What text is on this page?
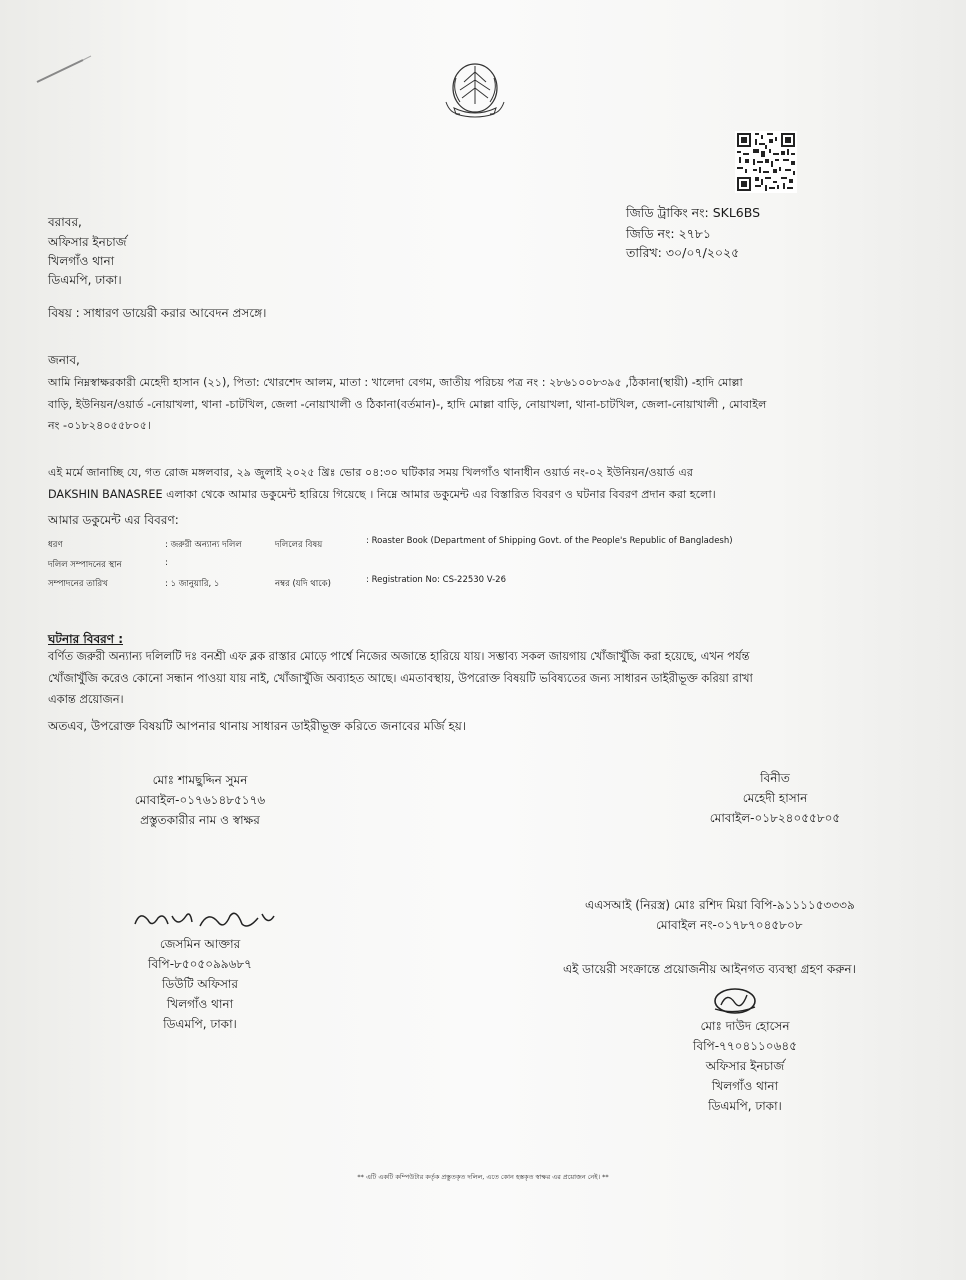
জিডি ট্রাকিং নং: SKL6BS
জিডি নং: ২৭৮১
তারিখ: ৩০/০৭/২০২৫
বরাবর,
অফিসার ইনচার্জ
খিলগাঁও থানা
ডিএমপি, ঢাকা।
বিষয় : সাধারণ ডায়েরী করার আবেদন প্রসঙ্গে।
জনাব,
আমি নিম্নস্বাক্ষরকারী মেহেদী হাসান (২১), পিতা: খোরশেদ আলম, মাতা : খালেদা বেগম, জাতীয় পরিচয় পত্র নং : ২৮৬১০০৮৩৯৫ ,ঠিকানা(স্থায়ী) -হাদি মোল্লা
বাড়ি, ইউনিয়ন/ওয়ার্ড -নোয়াখলা, থানা -চাটখিল, জেলা -নোয়াখালী ও ঠিকানা(বর্তমান)-, হাদি মোল্লা বাড়ি, নোয়াখলা, থানা-চাটখিল, জেলা-নোয়াখালী , মোবাইল
নং -০১৮২৪০৫৫৮০৫।
এই মর্মে জানাচ্ছি যে, গত রোজ মঙ্গলবার, ২৯ জুলাই ২০২৫ খ্রিঃ ভোর ০৪:৩০ ঘটিকার সময় খিলগাঁও থানাধীন ওয়ার্ড নং-০২ ইউনিয়ন/ওয়ার্ড এর
DAKSHIN BANASREE এলাকা থেকে আমার ডকুমেন্ট হারিয়ে গিয়েছে । নিম্নে আমার ডকুমেন্ট এর বিস্তারিত বিবরণ ও ঘটনার বিবরণ প্রদান করা হলো।
আমার ডকুমেন্ট এর বিবরণ:
ধরণ	: জরুরী অন্যান্য দলিল	দলিলের বিষয়	: Roaster Book (Department of Shipping Govt. of the People's Republic of Bangladesh)
দলিল সম্পাদনের স্থান	:
সম্পাদনের তারিখ	: ১ জানুয়ারি, ১	নম্বর (যদি থাকে)	: Registration No: CS-22530 V-26
ঘটনার বিবরণ :
বর্ণিত জরুরী অন্যান্য দলিলটি দঃ বনশ্রী এফ ব্লক রাস্তার মোড়ে পার্শ্বে নিজের অজান্তে হারিয়ে যায়। সম্ভাব্য সকল জায়গায় খোঁজাখুঁজি করা হয়েছে, এখন পর্যন্ত
খোঁজাখুঁজি করেও কোনো সন্ধান পাওয়া যায় নাই, খোঁজাখুঁজি অব্যাহত আছে। এমতাবস্থায়, উপরোক্ত বিষয়টি ভবিষ্যতের জন্য সাধারন ডাইরীভূক্ত করিয়া রাখা
একান্ত প্রয়োজন।
অতএব, উপরোক্ত বিষয়টি আপনার থানায় সাধারন ডাইরীভূক্ত করিতে জনাবের মর্জি হয়।
মোঃ শামছুদ্দিন সুমন
মোবাইল-০১৭৬১৪৮৫১৭৬
প্রস্তুতকারীর নাম ও স্বাক্ষর
বিনীত
মেহেদী হাসান
মোবাইল-০১৮২৪০৫৫৮০৫
এএসআই (নিরস্ত্র) মোঃ রশিদ মিয়া বিপি-৯১১১১৫৩৩৩৯
মোবাইল নং-০১৭৮৭০৪৫৮০৮
এই ডায়েরী সংক্রান্তে প্রয়োজনীয় আইনগত ব্যবস্থা গ্রহণ করুন।
জেসমিন আক্তার
বিপি-৮৫০৫০৯৯৬৮৭
ডিউটি অফিসার
খিলগাঁও থানা
ডিএমপি, ঢাকা।	মোঃ দাউদ হোসেন
বিপি-৭৭০৪১১০৬৪৫
অফিসার ইনচার্জ
খিলগাঁও থানা
ডিএমপি, ঢাকা।
** এটি একটি কম্পিউটার কর্তৃক প্রস্তুতকৃত দলিল, এতে কোন হস্তকৃত স্বাক্ষর এর প্রয়োজন নেই। **
